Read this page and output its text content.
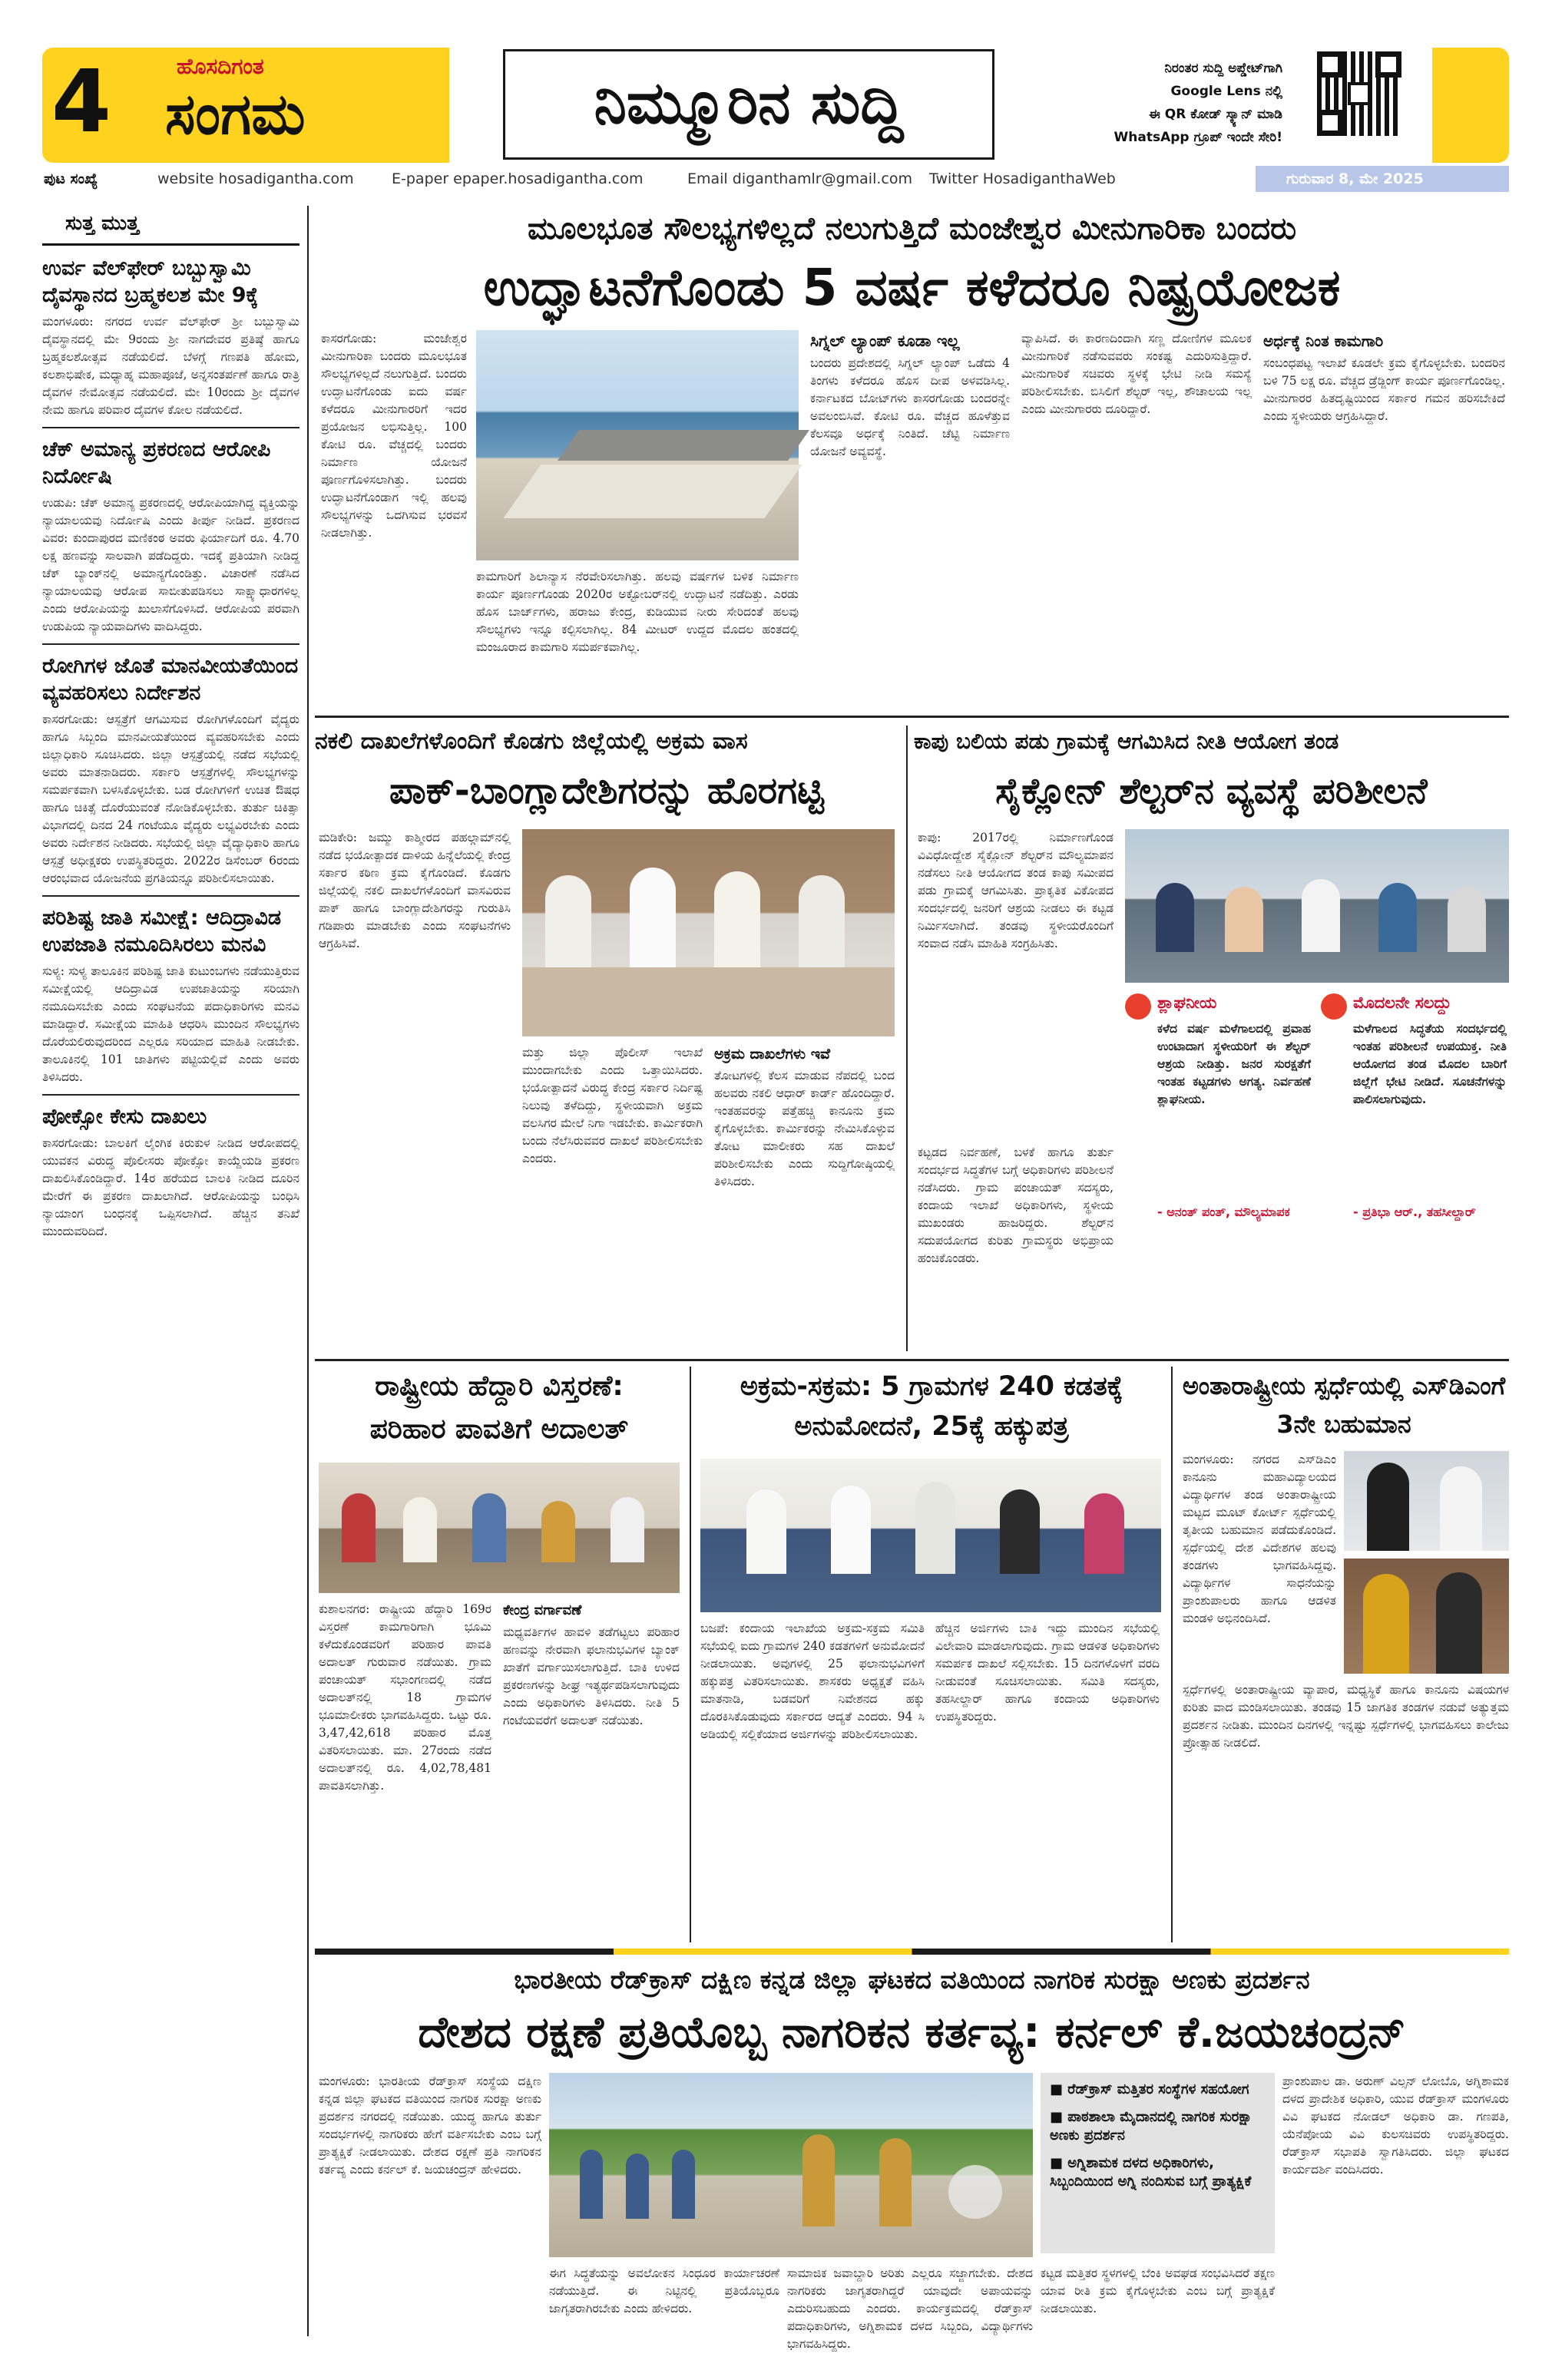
4	ಹೊಸದಿಗಂತ
ಸಂಗಮ	ನಿಮ್ಮೂರಿನ ಸುದ್ದಿ	ನಿರಂತರ ಸುದ್ದಿ ಅಪ್ಡೇಟ್‌ಗಾಗಿ
Google Lens ನಲ್ಲಿ
ಈ QR ಕೋಡ್ ಸ್ಕ್ಯಾನ್ ಮಾಡಿ
WhatsApp ಗ್ರೂಪ್ ಇಂದೇ ಸೇರಿ!
ಪುಟ ಸಂಖ್ಯೆ	website hosadigantha.com	E-paper epaper.hosadigantha.com	Email diganthamlr@gmail.com Twitter HosadiganthaWeb	ಗುರುವಾರ 8, ಮೇ 2025
ಸುತ್ತ ಮುತ್ತ
ಉರ್ವ ವೆಲ್‌ಫೇರ್ ಬಬ್ಬುಸ್ವಾಮಿ ದೈವಸ್ಥಾನದ ಬ್ರಹ್ಮಕಲಶ ಮೇ 9ಕ್ಕೆ
ಮಂಗಳೂರು: ನಗರದ ಉರ್ವ ವೆಲ್‌ಫೇರ್ ಶ್ರೀ ಬಬ್ಬುಸ್ವಾಮಿ ದೈವಸ್ಥಾನದಲ್ಲಿ ಮೇ 9ರಂದು ಶ್ರೀ ನಾಗದೇವರ ಪ್ರತಿಷ್ಠೆ ಹಾಗೂ ಬ್ರಹ್ಮಕಲಶೋತ್ಸವ ನಡೆಯಲಿದೆ. ಬೆಳಗ್ಗೆ ಗಣಪತಿ ಹೋಮ, ಕಲಶಾಭಿಷೇಕ, ಮಧ್ಯಾಹ್ನ ಮಹಾಪೂಜೆ, ಅನ್ನಸಂತರ್ಪಣೆ ಹಾಗೂ ರಾತ್ರಿ ದೈವಗಳ ನೇಮೋತ್ಸವ ನಡೆಯಲಿದೆ. ಮೇ 10ರಂದು ಶ್ರೀ ದೈವಗಳ ನೇಮ ಹಾಗೂ ಪರಿವಾರ ದೈವಗಳ ಕೋಲ ನಡೆಯಲಿದೆ.
ಚೆಕ್ ಅಮಾನ್ಯ ಪ್ರಕರಣದ ಆರೋಪಿ ನಿರ್ದೋಷಿ
ಉಡುಪಿ: ಚೆಕ್ ಅಮಾನ್ಯ ಪ್ರಕರಣದಲ್ಲಿ ಆರೋಪಿಯಾಗಿದ್ದ ವ್ಯಕ್ತಿಯನ್ನು ನ್ಯಾಯಾಲಯವು ನಿರ್ದೋಷಿ ಎಂದು ತೀರ್ಪು ನೀಡಿದೆ. ಪ್ರಕರಣದ ವಿವರ: ಕುಂದಾಪುರದ ಮಣಿಕಂಠ ಅವರು ಫಿರ್ಯಾದಿಗೆ ರೂ. 4.70 ಲಕ್ಷ ಹಣವನ್ನು ಸಾಲವಾಗಿ ಪಡೆದಿದ್ದರು. ಇದಕ್ಕೆ ಪ್ರತಿಯಾಗಿ ನೀಡಿದ್ದ ಚೆಕ್ ಬ್ಯಾಂಕ್‌ನಲ್ಲಿ ಅಮಾನ್ಯಗೊಂಡಿತ್ತು. ವಿಚಾರಣೆ ನಡೆಸಿದ ನ್ಯಾಯಾಲಯವು ಆರೋಪ ಸಾಬೀತುಪಡಿಸಲು ಸಾಕ್ಷ್ಯಾಧಾರಗಳಿಲ್ಲ ಎಂದು ಆರೋಪಿಯನ್ನು ಖುಲಾಸೆಗೊಳಿಸಿದೆ. ಆರೋಪಿಯ ಪರವಾಗಿ ಉಡುಪಿಯ ನ್ಯಾಯವಾದಿಗಳು ವಾದಿಸಿದ್ದರು.
ರೋಗಿಗಳ ಜೊತೆ ಮಾನವೀಯತೆಯಿಂದ ವ್ಯವಹರಿಸಲು ನಿರ್ದೇಶನ
ಕಾಸರಗೋಡು: ಆಸ್ಪತ್ರೆಗೆ ಆಗಮಿಸುವ ರೋಗಿಗಳೊಂದಿಗೆ ವೈದ್ಯರು ಹಾಗೂ ಸಿಬ್ಬಂದಿ ಮಾನವೀಯತೆಯಿಂದ ವ್ಯವಹರಿಸಬೇಕು ಎಂದು ಜಿಲ್ಲಾಧಿಕಾರಿ ಸೂಚಿಸಿದರು. ಜಿಲ್ಲಾ ಆಸ್ಪತ್ರೆಯಲ್ಲಿ ನಡೆದ ಸಭೆಯಲ್ಲಿ ಅವರು ಮಾತನಾಡಿದರು. ಸರ್ಕಾರಿ ಆಸ್ಪತ್ರೆಗಳಲ್ಲಿ ಸೌಲಭ್ಯಗಳನ್ನು ಸಮರ್ಪಕವಾಗಿ ಬಳಸಿಕೊಳ್ಳಬೇಕು. ಬಡ ರೋಗಿಗಳಿಗೆ ಉಚಿತ ಔಷಧ ಹಾಗೂ ಚಿಕಿತ್ಸೆ ದೊರೆಯುವಂತೆ ನೋಡಿಕೊಳ್ಳಬೇಕು. ತುರ್ತು ಚಿಕಿತ್ಸಾ ವಿಭಾಗದಲ್ಲಿ ದಿನದ 24 ಗಂಟೆಯೂ ವೈದ್ಯರು ಲಭ್ಯವಿರಬೇಕು ಎಂದು ಅವರು ನಿರ್ದೇಶನ ನೀಡಿದರು. ಸಭೆಯಲ್ಲಿ ಜಿಲ್ಲಾ ವೈದ್ಯಾಧಿಕಾರಿ ಹಾಗೂ ಆಸ್ಪತ್ರೆ ಅಧೀಕ್ಷಕರು ಉಪಸ್ಥಿತರಿದ್ದರು. 2022ರ ಡಿಸೆಂಬರ್ 6ರಂದು ಆರಂಭವಾದ ಯೋಜನೆಯ ಪ್ರಗತಿಯನ್ನೂ ಪರಿಶೀಲಿಸಲಾಯಿತು.
ಪರಿಶಿಷ್ಟ ಜಾತಿ ಸಮೀಕ್ಷೆ: ಆದಿದ್ರಾವಿಡ ಉಪಜಾತಿ ನಮೂದಿಸಿರಲು ಮನವಿ
ಸುಳ್ಯ: ಸುಳ್ಯ ತಾಲೂಕಿನ ಪರಿಶಿಷ್ಟ ಜಾತಿ ಕುಟುಂಬಗಳು ನಡೆಯುತ್ತಿರುವ ಸಮೀಕ್ಷೆಯಲ್ಲಿ ಆದಿದ್ರಾವಿಡ ಉಪಜಾತಿಯನ್ನು ಸರಿಯಾಗಿ ನಮೂದಿಸಬೇಕು ಎಂದು ಸಂಘಟನೆಯ ಪದಾಧಿಕಾರಿಗಳು ಮನವಿ ಮಾಡಿದ್ದಾರೆ. ಸಮೀಕ್ಷೆಯ ಮಾಹಿತಿ ಆಧರಿಸಿ ಮುಂದಿನ ಸೌಲಭ್ಯಗಳು ದೊರೆಯಲಿರುವುದರಿಂದ ಎಲ್ಲರೂ ಸರಿಯಾದ ಮಾಹಿತಿ ನೀಡಬೇಕು. ತಾಲೂಕಿನಲ್ಲಿ 101 ಜಾತಿಗಳು ಪಟ್ಟಿಯಲ್ಲಿವೆ ಎಂದು ಅವರು ತಿಳಿಸಿದರು.
ಪೋಕ್ಸೋ ಕೇಸು ದಾಖಲು
ಕಾಸರಗೋಡು: ಬಾಲಕಿಗೆ ಲೈಂಗಿಕ ಕಿರುಕುಳ ನೀಡಿದ ಆರೋಪದಲ್ಲಿ ಯುವಕನ ವಿರುದ್ಧ ಪೊಲೀಸರು ಪೋಕ್ಸೋ ಕಾಯ್ದೆಯಡಿ ಪ್ರಕರಣ ದಾಖಲಿಸಿಕೊಂಡಿದ್ದಾರೆ. 14ರ ಹರೆಯದ ಬಾಲಕಿ ನೀಡಿದ ದೂರಿನ ಮೇರೆಗೆ ಈ ಪ್ರಕರಣ ದಾಖಲಾಗಿದೆ. ಆರೋಪಿಯನ್ನು ಬಂಧಿಸಿ ನ್ಯಾಯಾಂಗ ಬಂಧನಕ್ಕೆ ಒಪ್ಪಿಸಲಾಗಿದೆ. ಹೆಚ್ಚಿನ ತನಿಖೆ ಮುಂದುವರಿದಿದೆ.
ಮೂಲಭೂತ ಸೌಲಭ್ಯಗಳಿಲ್ಲದೆ ನಲುಗುತ್ತಿದೆ ಮಂಜೇಶ್ವರ ಮೀನುಗಾರಿಕಾ ಬಂದರು
ಉದ್ಘಾಟನೆಗೊಂಡು 5 ವರ್ಷ ಕಳೆದರೂ ನಿಷ್ಪ್ರಯೋಜಕ
ಕಾಸರಗೋಡು: ಮಂಜೇಶ್ವರ ಮೀನುಗಾರಿಕಾ ಬಂದರು ಮೂಲಭೂತ ಸೌಲಭ್ಯಗಳಿಲ್ಲದೆ ನಲುಗುತ್ತಿದೆ. ಬಂದರು ಉದ್ಘಾಟನೆಗೊಂಡು ಐದು ವರ್ಷ ಕಳೆದರೂ ಮೀನುಗಾರರಿಗೆ ಇದರ ಪ್ರಯೋಜನ ಲಭಿಸುತ್ತಿಲ್ಲ. 100 ಕೋಟಿ ರೂ. ವೆಚ್ಚದಲ್ಲಿ ಬಂದರು ನಿರ್ಮಾಣ ಯೋಜನೆ ಪೂರ್ಣಗೊಳಿಸಲಾಗಿತ್ತು. ಬಂದರು ಉದ್ಘಾಟನೆಗೊಂಡಾಗ ಇಲ್ಲಿ ಹಲವು ಸೌಲಭ್ಯಗಳನ್ನು ಒದಗಿಸುವ ಭರವಸೆ ನೀಡಲಾಗಿತ್ತು.
ಕಾಮಗಾರಿಗೆ ಶಿಲಾನ್ಯಾಸ ನೆರವೇರಿಸಲಾಗಿತ್ತು. ಹಲವು ವರ್ಷಗಳ ಬಳಿಕ ನಿರ್ಮಾಣ ಕಾರ್ಯ ಪೂರ್ಣಗೊಂಡು 2020ರ ಅಕ್ಟೋಬರ್‌ನಲ್ಲಿ ಉದ್ಘಾಟನೆ ನಡೆದಿತ್ತು. ಎರಡು ಹೊಸ ಬಾರ್ಜ್‌ಗಳು, ಹರಾಜು ಕೇಂದ್ರ, ಕುಡಿಯುವ ನೀರು ಸೇರಿದಂತೆ ಹಲವು ಸೌಲಭ್ಯಗಳು ಇನ್ನೂ ಕಲ್ಪಿಸಲಾಗಿಲ್ಲ. 84 ಮೀಟರ್ ಉದ್ದದ ಮೊದಲ ಹಂತದಲ್ಲಿ ಮಂಜೂರಾದ ಕಾಮಗಾರಿ ಸಮರ್ಪಕವಾಗಿಲ್ಲ.
ಸಿಗ್ನಲ್ ಲ್ಯಾಂಪ್ ಕೂಡಾ ಇಲ್ಲ
ಬಂದರು ಪ್ರದೇಶದಲ್ಲಿ ಸಿಗ್ನಲ್ ಲ್ಯಾಂಪ್ ಒಡೆದು 4 ತಿಂಗಳು ಕಳೆದರೂ ಹೊಸ ದೀಪ ಅಳವಡಿಸಿಲ್ಲ. ಕರ್ನಾಟಕದ ಬೋಟ್‌ಗಳು ಕಾಸರಗೋಡು ಬಂದರನ್ನೇ ಅವಲಂಬಿಸಿವೆ. ಕೋಟಿ ರೂ. ವೆಚ್ಚದ ಹೂಳೆತ್ತುವ ಕೆಲಸವೂ ಅರ್ಧಕ್ಕೆ ನಿಂತಿದೆ. ಚೆಟ್ಟಿ ನಿರ್ಮಾಣ ಯೋಜನೆ ಅವ್ಯವಸ್ಥೆ.
ವ್ಯಾಪಿಸಿದೆ. ಈ ಕಾರಣದಿಂದಾಗಿ ಸಣ್ಣ ದೋಣಿಗಳ ಮೂಲಕ ಮೀನುಗಾರಿಕೆ ನಡೆಸುವವರು ಸಂಕಷ್ಟ ಎದುರಿಸುತ್ತಿದ್ದಾರೆ. ಮೀನುಗಾರಿಕೆ ಸಚಿವರು ಸ್ಥಳಕ್ಕೆ ಭೇಟಿ ನೀಡಿ ಸಮಸ್ಯೆ ಪರಿಶೀಲಿಸಬೇಕು. ಬಿಸಿಲಿಗೆ ಶೆಲ್ಟರ್ ಇಲ್ಲ, ಶೌಚಾಲಯ ಇಲ್ಲ ಎಂದು ಮೀನುಗಾರರು ದೂರಿದ್ದಾರೆ.
ಅರ್ಧಕ್ಕೆ ನಿಂತ ಕಾಮಗಾರಿ
ಸಂಬಂಧಪಟ್ಟ ಇಲಾಖೆ ಕೂಡಲೇ ಕ್ರಮ ಕೈಗೊಳ್ಳಬೇಕು. ಬಂದರಿನ ಬಳಿ 75 ಲಕ್ಷ ರೂ. ವೆಚ್ಚದ ಡ್ರೆಡ್ಜಿಂಗ್ ಕಾರ್ಯ ಪೂರ್ಣಗೊಂಡಿಲ್ಲ. ಮೀನುಗಾರರ ಹಿತದೃಷ್ಟಿಯಿಂದ ಸರ್ಕಾರ ಗಮನ ಹರಿಸಬೇಕಿದೆ ಎಂದು ಸ್ಥಳೀಯರು ಆಗ್ರಹಿಸಿದ್ದಾರೆ.
ನಕಲಿ ದಾಖಲೆಗಳೊಂದಿಗೆ ಕೊಡಗು ಜಿಲ್ಲೆಯಲ್ಲಿ ಅಕ್ರಮ ವಾಸ
ಪಾಕ್-ಬಾಂಗ್ಲಾದೇಶಿಗರನ್ನು ಹೊರಗಟ್ಟಿ
ಮಡಿಕೇರಿ: ಜಮ್ಮು ಕಾಶ್ಮೀರದ ಪಹಲ್ಗಾಮ್‌ನಲ್ಲಿ ನಡೆದ ಭಯೋತ್ಪಾದಕ ದಾಳಿಯ ಹಿನ್ನೆಲೆಯಲ್ಲಿ ಕೇಂದ್ರ ಸರ್ಕಾರ ಕಠಿಣ ಕ್ರಮ ಕೈಗೊಂಡಿದೆ. ಕೊಡಗು ಜಿಲ್ಲೆಯಲ್ಲಿ ನಕಲಿ ದಾಖಲೆಗಳೊಂದಿಗೆ ವಾಸವಿರುವ ಪಾಕ್ ಹಾಗೂ ಬಾಂಗ್ಲಾದೇಶಿಗರನ್ನು ಗುರುತಿಸಿ ಗಡಿಪಾರು ಮಾಡಬೇಕು ಎಂದು ಸಂಘಟನೆಗಳು ಆಗ್ರಹಿಸಿವೆ.
ಮತ್ತು ಜಿಲ್ಲಾ ಪೊಲೀಸ್ ಇಲಾಖೆ ಮುಂದಾಗಬೇಕು ಎಂದು ಒತ್ತಾಯಿಸಿದರು. ಭಯೋತ್ಪಾದನೆ ವಿರುದ್ಧ ಕೇಂದ್ರ ಸರ್ಕಾರ ನಿರ್ದಿಷ್ಟ ನಿಲುವು ತಳೆದಿದ್ದು, ಸ್ಥಳೀಯವಾಗಿ ಅಕ್ರಮ ವಲಸಿಗರ ಮೇಲೆ ನಿಗಾ ಇಡಬೇಕು. ಕಾರ್ಮಿಕರಾಗಿ ಬಂದು ನೆಲೆಸಿರುವವರ ದಾಖಲೆ ಪರಿಶೀಲಿಸಬೇಕು ಎಂದರು.
ಅಕ್ರಮ ದಾಖಲೆಗಳು ಇವೆ
ತೋಟಗಳಲ್ಲಿ ಕೆಲಸ ಮಾಡುವ ನೆಪದಲ್ಲಿ ಬಂದ ಹಲವರು ನಕಲಿ ಆಧಾರ್ ಕಾರ್ಡ್ ಹೊಂದಿದ್ದಾರೆ. ಇಂತಹವರನ್ನು ಪತ್ತೆಹಚ್ಚಿ ಕಾನೂನು ಕ್ರಮ ಕೈಗೊಳ್ಳಬೇಕು. ಕಾರ್ಮಿಕರನ್ನು ನೇಮಿಸಿಕೊಳ್ಳುವ ತೋಟ ಮಾಲೀಕರು ಸಹ ದಾಖಲೆ ಪರಿಶೀಲಿಸಬೇಕು ಎಂದು ಸುದ್ದಿಗೋಷ್ಠಿಯಲ್ಲಿ ತಿಳಿಸಿದರು.
ಕಾಪು ಬಲಿಯ ಪಡು ಗ್ರಾಮಕ್ಕೆ ಆಗಮಿಸಿದ ನೀತಿ ಆಯೋಗ ತಂಡ
ಸೈಕ್ಲೋನ್ ಶೆಲ್ಟರ್‌ನ ವ್ಯವಸ್ಥೆ ಪರಿಶೀಲನೆ
ಕಾಪು: 2017ರಲ್ಲಿ ನಿರ್ಮಾಣಗೊಂಡ ವಿವಿಧೋದ್ದೇಶ ಸೈಕ್ಲೋನ್ ಶೆಲ್ಟರ್‌ನ ಮೌಲ್ಯಮಾಪನ ನಡೆಸಲು ನೀತಿ ಆಯೋಗದ ತಂಡ ಕಾಪು ಸಮೀಪದ ಪಡು ಗ್ರಾಮಕ್ಕೆ ಆಗಮಿಸಿತು. ಪ್ರಾಕೃತಿಕ ವಿಕೋಪದ ಸಂದರ್ಭದಲ್ಲಿ ಜನರಿಗೆ ಆಶ್ರಯ ನೀಡಲು ಈ ಕಟ್ಟಡ ನಿರ್ಮಿಸಲಾಗಿದೆ. ತಂಡವು ಸ್ಥಳೀಯರೊಂದಿಗೆ ಸಂವಾದ ನಡೆಸಿ ಮಾಹಿತಿ ಸಂಗ್ರಹಿಸಿತು.
ಕಟ್ಟಡದ ನಿರ್ವಹಣೆ, ಬಳಕೆ ಹಾಗೂ ತುರ್ತು ಸಂದರ್ಭದ ಸಿದ್ಧತೆಗಳ ಬಗ್ಗೆ ಅಧಿಕಾರಿಗಳು ಪರಿಶೀಲನೆ ನಡೆಸಿದರು. ಗ್ರಾಮ ಪಂಚಾಯತ್ ಸದಸ್ಯರು, ಕಂದಾಯ ಇಲಾಖೆ ಅಧಿಕಾರಿಗಳು, ಸ್ಥಳೀಯ ಮುಖಂಡರು ಹಾಜರಿದ್ದರು. ಶೆಲ್ಟರ್‌ನ ಸದುಪಯೋಗದ ಕುರಿತು ಗ್ರಾಮಸ್ಥರು ಅಭಿಪ್ರಾಯ ಹಂಚಿಕೊಂಡರು.
ಶ್ಲಾಘನೀಯ
ಕಳೆದ ವರ್ಷ ಮಳೆಗಾಲದಲ್ಲಿ ಪ್ರವಾಹ ಉಂಟಾದಾಗ ಸ್ಥಳೀಯರಿಗೆ ಈ ಶೆಲ್ಟರ್ ಆಶ್ರಯ ನೀಡಿತ್ತು. ಜನರ ಸುರಕ್ಷತೆಗೆ ಇಂತಹ ಕಟ್ಟಡಗಳು ಅಗತ್ಯ. ನಿರ್ವಹಣೆ ಶ್ಲಾಘನೀಯ.
- ಅನಂತ್ ಪಂತ್, ಮೌಲ್ಯಮಾಪಕ
ಮೊದಲನೇ ಸಲದ್ದು
ಮಳೆಗಾಲದ ಸಿದ್ಧತೆಯ ಸಂದರ್ಭದಲ್ಲಿ ಇಂತಹ ಪರಿಶೀಲನೆ ಉಪಯುಕ್ತ. ನೀತಿ ಆಯೋಗದ ತಂಡ ಮೊದಲ ಬಾರಿಗೆ ಜಿಲ್ಲೆಗೆ ಭೇಟಿ ನೀಡಿದೆ. ಸೂಚನೆಗಳನ್ನು ಪಾಲಿಸಲಾಗುವುದು.
- ಪ್ರತಿಭಾ ಆರ್., ತಹಸೀಲ್ದಾರ್
ರಾಷ್ಟ್ರೀಯ ಹೆದ್ದಾರಿ ವಿಸ್ತರಣೆ:
ಪರಿಹಾರ ಪಾವತಿಗೆ ಅದಾಲತ್
ಕುಶಾಲನಗರ: ರಾಷ್ಟ್ರೀಯ ಹೆದ್ದಾರಿ 169ರ ವಿಸ್ತರಣೆ ಕಾಮಗಾರಿಗಾಗಿ ಭೂಮಿ ಕಳೆದುಕೊಂಡವರಿಗೆ ಪರಿಹಾರ ಪಾವತಿ ಅದಾಲತ್ ಗುರುವಾರ ನಡೆಯಿತು. ಗ್ರಾಮ ಪಂಚಾಯತ್ ಸಭಾಂಗಣದಲ್ಲಿ ನಡೆದ ಅದಾಲತ್‌ನಲ್ಲಿ 18 ಗ್ರಾಮಗಳ ಭೂಮಾಲೀಕರು ಭಾಗವಹಿಸಿದ್ದರು. ಒಟ್ಟು ರೂ. 3,47,42,618 ಪರಿಹಾರ ಮೊತ್ತ ವಿತರಿಸಲಾಯಿತು. ಮಾ. 27ರಂದು ನಡೆದ ಅದಾಲತ್‌ನಲ್ಲಿ ರೂ. 4,02,78,481 ಪಾವತಿಸಲಾಗಿತ್ತು.
ಕೇಂದ್ರ ವರ್ಗಾವಣೆ
ಮಧ್ಯವರ್ತಿಗಳ ಹಾವಳಿ ತಡೆಗಟ್ಟಲು ಪರಿಹಾರ ಹಣವನ್ನು ನೇರವಾಗಿ ಫಲಾನುಭವಿಗಳ ಬ್ಯಾಂಕ್ ಖಾತೆಗೆ ವರ್ಗಾಯಿಸಲಾಗುತ್ತಿದೆ. ಬಾಕಿ ಉಳಿದ ಪ್ರಕರಣಗಳನ್ನು ಶೀಘ್ರ ಇತ್ಯರ್ಥಪಡಿಸಲಾಗುವುದು ಎಂದು ಅಧಿಕಾರಿಗಳು ತಿಳಿಸಿದರು. ನೀತಿ 5 ಗಂಟೆಯವರೆಗೆ ಅದಾಲತ್ ನಡೆಯಿತು.
ಅಕ್ರಮ-ಸಕ್ರಮ: 5 ಗ್ರಾಮಗಳ 240 ಕಡತಕ್ಕೆ ಅನುಮೋದನೆ, 25ಕ್ಕೆ ಹಕ್ಕುಪತ್ರ
ಬಜಪೆ: ಕಂದಾಯ ಇಲಾಖೆಯ ಅಕ್ರಮ-ಸಕ್ರಮ ಸಮಿತಿ ಸಭೆಯಲ್ಲಿ ಐದು ಗ್ರಾಮಗಳ 240 ಕಡತಗಳಿಗೆ ಅನುಮೋದನೆ ನೀಡಲಾಯಿತು. ಅವುಗಳಲ್ಲಿ 25 ಫಲಾನುಭವಿಗಳಿಗೆ ಹಕ್ಕುಪತ್ರ ವಿತರಿಸಲಾಯಿತು. ಶಾಸಕರು ಅಧ್ಯಕ್ಷತೆ ವಹಿಸಿ ಮಾತನಾಡಿ, ಬಡವರಿಗೆ ನಿವೇಶನದ ಹಕ್ಕು ದೊರಕಿಸಿಕೊಡುವುದು ಸರ್ಕಾರದ ಆದ್ಯತೆ ಎಂದರು. 94 ಸಿ ಅಡಿಯಲ್ಲಿ ಸಲ್ಲಿಕೆಯಾದ ಅರ್ಜಿಗಳನ್ನು ಪರಿಶೀಲಿಸಲಾಯಿತು.
ಹೆಚ್ಚಿನ ಅರ್ಜಿಗಳು ಬಾಕಿ ಇದ್ದು ಮುಂದಿನ ಸಭೆಯಲ್ಲಿ ವಿಲೇವಾರಿ ಮಾಡಲಾಗುವುದು. ಗ್ರಾಮ ಆಡಳಿತ ಅಧಿಕಾರಿಗಳು ಸಮರ್ಪಕ ದಾಖಲೆ ಸಲ್ಲಿಸಬೇಕು. 15 ದಿನಗಳೊಳಗೆ ವರದಿ ನೀಡುವಂತೆ ಸೂಚಿಸಲಾಯಿತು. ಸಮಿತಿ ಸದಸ್ಯರು, ತಹಸೀಲ್ದಾರ್ ಹಾಗೂ ಕಂದಾಯ ಅಧಿಕಾರಿಗಳು ಉಪಸ್ಥಿತರಿದ್ದರು.
ಅಂತಾರಾಷ್ಟ್ರೀಯ ಸ್ಪರ್ಧೆಯಲ್ಲಿ ಎಸ್‌ಡಿಎಂಗೆ 3ನೇ ಬಹುಮಾನ
ಮಂಗಳೂರು: ನಗರದ ಎಸ್‌ಡಿಎಂ ಕಾನೂನು ಮಹಾವಿದ್ಯಾಲಯದ ವಿದ್ಯಾರ್ಥಿಗಳ ತಂಡ ಅಂತಾರಾಷ್ಟ್ರೀಯ ಮಟ್ಟದ ಮೂಟ್ ಕೋರ್ಟ್ ಸ್ಪರ್ಧೆಯಲ್ಲಿ ತೃತೀಯ ಬಹುಮಾನ ಪಡೆದುಕೊಂಡಿದೆ. ಸ್ಪರ್ಧೆಯಲ್ಲಿ ದೇಶ ವಿದೇಶಗಳ ಹಲವು ತಂಡಗಳು ಭಾಗವಹಿಸಿದ್ದವು. ವಿದ್ಯಾರ್ಥಿಗಳ ಸಾಧನೆಯನ್ನು ಪ್ರಾಂಶುಪಾಲರು ಹಾಗೂ ಆಡಳಿತ ಮಂಡಳಿ ಅಭಿನಂದಿಸಿದೆ.
ಸ್ಪರ್ಧೆಗಳಲ್ಲಿ ಅಂತಾರಾಷ್ಟ್ರೀಯ ವ್ಯಾಪಾರ, ಮಧ್ಯಸ್ಥಿಕೆ ಹಾಗೂ ಕಾನೂನು ವಿಷಯಗಳ ಕುರಿತು ವಾದ ಮಂಡಿಸಲಾಯಿತು. ತಂಡವು 15 ಜಾಗತಿಕ ತಂಡಗಳ ನಡುವೆ ಅತ್ಯುತ್ತಮ ಪ್ರದರ್ಶನ ನೀಡಿತು. ಮುಂದಿನ ದಿನಗಳಲ್ಲಿ ಇನ್ನಷ್ಟು ಸ್ಪರ್ಧೆಗಳಲ್ಲಿ ಭಾಗವಹಿಸಲು ಕಾಲೇಜು ಪ್ರೋತ್ಸಾಹ ನೀಡಲಿದೆ.
ಭಾರತೀಯ ರೆಡ್‌ಕ್ರಾಸ್ ದಕ್ಷಿಣ ಕನ್ನಡ ಜಿಲ್ಲಾ ಘಟಕದ ವತಿಯಿಂದ ನಾಗರಿಕ ಸುರಕ್ಷಾ ಅಣಕು ಪ್ರದರ್ಶನ
ದೇಶದ ರಕ್ಷಣೆ ಪ್ರತಿಯೊಬ್ಬ ನಾಗರಿಕನ ಕರ್ತವ್ಯ: ಕರ್ನಲ್ ಕೆ.ಜಯಚಂದ್ರನ್
ಮಂಗಳೂರು: ಭಾರತೀಯ ರೆಡ್‌ಕ್ರಾಸ್ ಸಂಸ್ಥೆಯ ದಕ್ಷಿಣ ಕನ್ನಡ ಜಿಲ್ಲಾ ಘಟಕದ ವತಿಯಿಂದ ನಾಗರಿಕ ಸುರಕ್ಷಾ ಅಣಕು ಪ್ರದರ್ಶನ ನಗರದಲ್ಲಿ ನಡೆಯಿತು. ಯುದ್ಧ ಹಾಗೂ ತುರ್ತು ಸಂದರ್ಭಗಳಲ್ಲಿ ನಾಗರಿಕರು ಹೇಗೆ ವರ್ತಿಸಬೇಕು ಎಂಬ ಬಗ್ಗೆ ಪ್ರಾತ್ಯಕ್ಷಿಕೆ ನೀಡಲಾಯಿತು. ದೇಶದ ರಕ್ಷಣೆ ಪ್ರತಿ ನಾಗರಿಕನ ಕರ್ತವ್ಯ ಎಂದು ಕರ್ನಲ್ ಕೆ. ಜಯಚಂದ್ರನ್ ಹೇಳಿದರು.
ಈಗ ಸಿದ್ಧತೆಯನ್ನು ಅವಲೋಕನ ಸಿಂಧೂರ ಕಾರ್ಯಾಚರಣೆ ನಡೆಯುತ್ತಿದೆ. ಈ ನಿಟ್ಟಿನಲ್ಲಿ ಪ್ರತಿಯೊಬ್ಬರೂ ಜಾಗೃತರಾಗಿರಬೇಕು ಎಂದು ಹೇಳಿದರು.
ಸಾಮಾಜಿಕ ಜವಾಬ್ದಾರಿ ಅರಿತು ಎಲ್ಲರೂ ಸಜ್ಜಾಗಬೇಕು. ದೇಶದ ನಾಗರಿಕರು ಜಾಗೃತರಾಗಿದ್ದರೆ ಯಾವುದೇ ಅಪಾಯವನ್ನು ಎದುರಿಸಬಹುದು ಎಂದರು. ಕಾರ್ಯಕ್ರಮದಲ್ಲಿ ರೆಡ್‌ಕ್ರಾಸ್ ಪದಾಧಿಕಾರಿಗಳು, ಅಗ್ನಿಶಾಮಕ ದಳದ ಸಿಬ್ಬಂದಿ, ವಿದ್ಯಾರ್ಥಿಗಳು ಭಾಗವಹಿಸಿದ್ದರು.
■ ರೆಡ್‌ಕ್ರಾಸ್ ಮತ್ತಿತರ ಸಂಸ್ಥೆಗಳ ಸಹಯೋಗ
■ ಪಾಠಶಾಲಾ ಮೈದಾನದಲ್ಲಿ ನಾಗರಿಕ ಸುರಕ್ಷಾ ಅಣಕು ಪ್ರದರ್ಶನ
■ ಅಗ್ನಿಶಾಮಕ ದಳದ ಅಧಿಕಾರಿಗಳು, ಸಿಬ್ಬಂದಿಯಿಂದ ಅಗ್ನಿ ನಂದಿಸುವ ಬಗ್ಗೆ ಪ್ರಾತ್ಯಕ್ಷಿಕೆ
ಕಟ್ಟಡ ಮತ್ತಿತರ ಸ್ಥಳಗಳಲ್ಲಿ ಬೆಂಕಿ ಅವಘಡ ಸಂಭವಿಸಿದರೆ ತಕ್ಷಣ ಯಾವ ರೀತಿ ಕ್ರಮ ಕೈಗೊಳ್ಳಬೇಕು ಎಂಬ ಬಗ್ಗೆ ಪ್ರಾತ್ಯಕ್ಷಿಕೆ ನೀಡಲಾಯಿತು.
ಪ್ರಾಂಶುಪಾಲ ಡಾ. ಅರುಣ್ ವಿಲ್ಸನ್ ಲೋಬೊ, ಅಗ್ನಿಶಾಮಕ ದಳದ ಪ್ರಾದೇಶಿಕ ಅಧಿಕಾರಿ, ಯುವ ರೆಡ್‌ಕ್ರಾಸ್ ಮಂಗಳೂರು ವಿವಿ ಘಟಕದ ನೋಡಲ್ ಅಧಿಕಾರಿ ಡಾ. ಗಣಪತಿ, ಯೆನೆಪೋಯ ವಿವಿ ಕುಲಸಚಿವರು ಉಪಸ್ಥಿತರಿದ್ದರು. ರೆಡ್‌ಕ್ರಾಸ್ ಸಭಾಪತಿ ಸ್ವಾಗತಿಸಿದರು. ಜಿಲ್ಲಾ ಘಟಕದ ಕಾರ್ಯದರ್ಶಿ ವಂದಿಸಿದರು.
